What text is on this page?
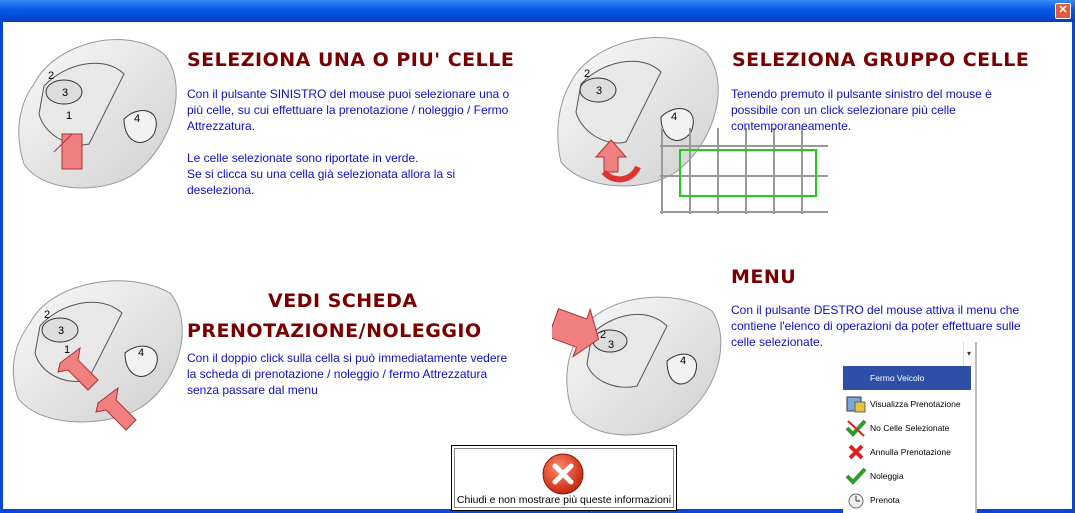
✕
2
3
1	4
SELEZIONA UNA O PIU' CELLE
Con il pulsante SINISTRO del mouse puoi selezionare una o
più celle, su cui effettuare la prenotazione / noleggio / Fermo
Attrezzatura.
Le celle selezionate sono riportate in verde.
Se si clicca su una cella già selezionata allora la si
deseleziona.
2
3
4
SELEZIONA GRUPPO CELLE
Tenendo premuto il pulsante sinistro del mouse è
possibile con un click selezionare più celle
contemporaneamente.
2
3
1	4
VEDI SCHEDA
PRENOTAZIONE/NOLEGGIO
Con il doppio click sulla cella si può immediatamente vedere
la scheda di prenotazione / noleggio / fermo Attrezzatura
senza passare dal menu
2
3
4
MENU
Con il pulsante DESTRO del mouse attiva il menu che
contiene l'elenco di operazioni da poter effettuare sulle
celle selezionate.
▾
Fermo Veicolo
Visualizza Prenotazione
No Celle Selezionate
Annulla Prenotazione
Noleggia
Prenota
Chiudi e non mostrare più queste informazioni
